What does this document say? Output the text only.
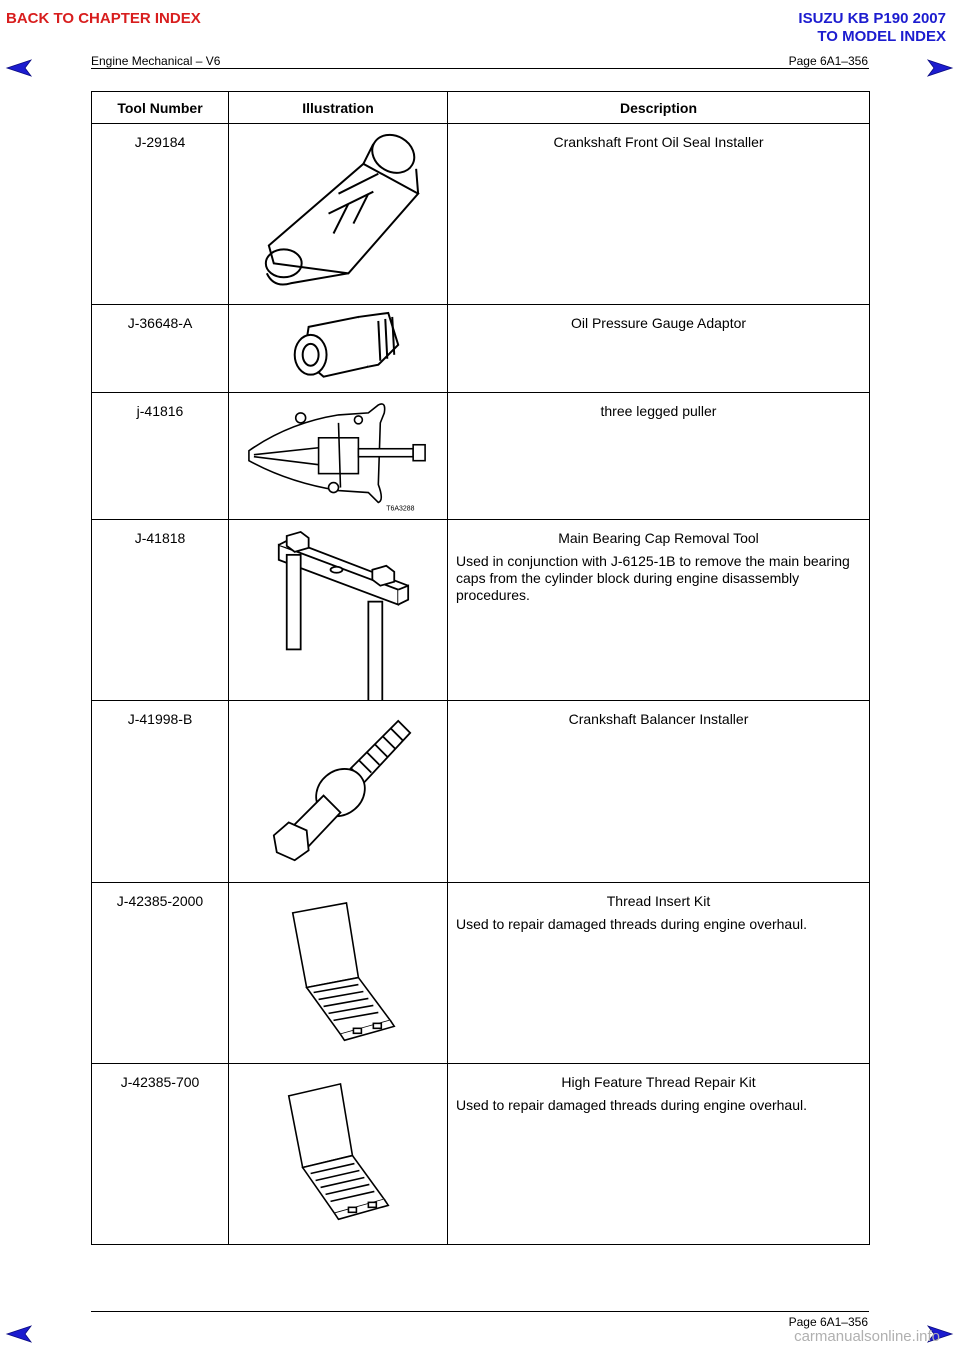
BACK TO CHAPTER INDEX	ISUZU KB P190 2007
TO MODEL INDEX
Engine Mechanical – V6	Page 6A1–356
Tool Number	Illustration	Description
J-29184		Crankshaft Front Oil Seal Installer

J-36648-A		Oil Pressure Gauge Adaptor

j-41816	T6A3288	three legged puller

J-41818		Main Bearing Cap Removal Tool
Used in conjunction with J-6125-1B to remove the main bearing caps from the cylinder block during engine disassembly procedures.

J-41998-B		Crankshaft Balancer Installer

J-42385-2000		Thread Insert Kit
Used to repair damaged threads during engine overhaul.

J-42385-700		High Feature Thread Repair Kit
Used to repair damaged threads during engine overhaul.
Page 6A1–356
carmanualsonline.info
